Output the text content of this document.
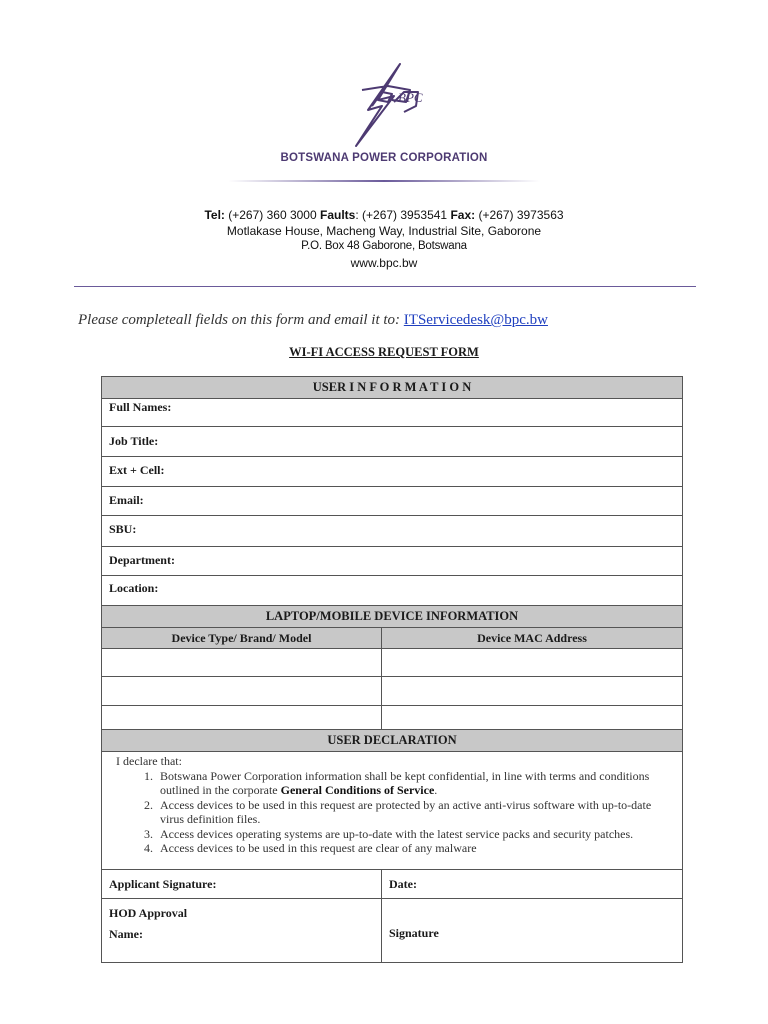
BPC
BOTSWANA POWER CORPORATION
Tel: (+267) 360 3000 Faults: (+267) 3953541 Fax: (+267) 3973563
Motlakase House, Macheng Way, Industrial Site, Gaborone
P.O. Box 48 Gaborone, Botswana
www.bpc.bw
Please completeall fields on this form and email it to: ITServicedesk@bpc.bw
WI-FI ACCESS REQUEST FORM
USER I N F O R M A T I O N
Full Names:
Job Title:
Ext + Cell:
Email:
SBU:
Department:
Location:
LAPTOP/MOBILE DEVICE INFORMATION
Device Type/ Brand/ Model	Device MAC Address
USER DECLARATION
I declare that:
1. Botswana Power Corporation information shall be kept confidential, in line with terms and conditions outlined in the corporate General Conditions of Service.
2. Access devices to be used in this request are protected by an active anti-virus software with up-to-date virus definition files.
3. Access devices operating systems are up-to-date with the latest service packs and security patches.
4. Access devices to be used in this request are clear of any malware
Applicant Signature:	Date:
HOD Approval
Name:	Signature
